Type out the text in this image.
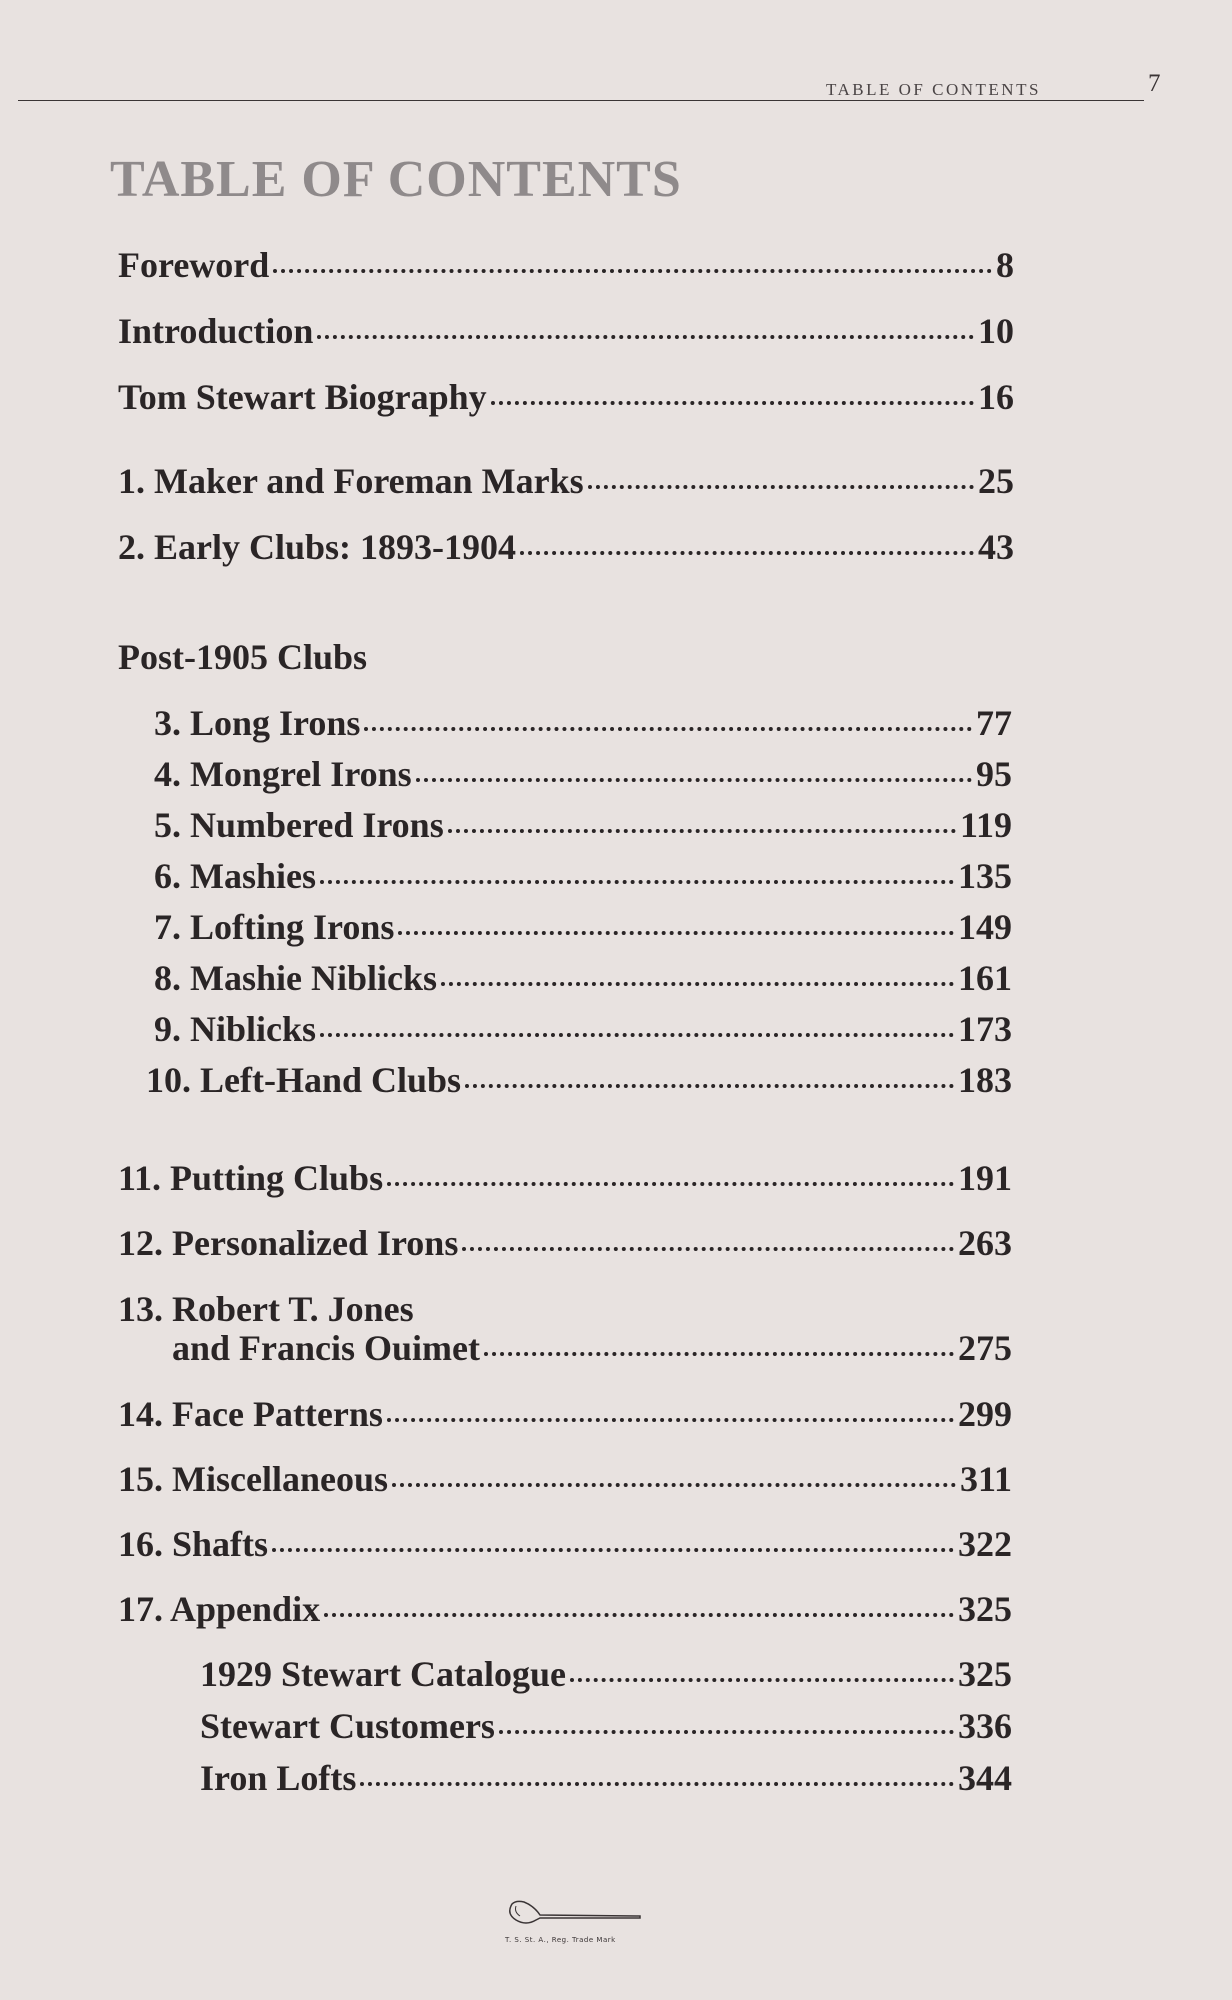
TABLE OF CONTENTS	7
TABLE OF CONTENTS
Foreword	8
Introduction	10
Tom Stewart Biography	16
1. Maker and Foreman Marks	25
2. Early Clubs: 1893-1904	43
Post-1905 Clubs
3. Long Irons	77
4. Mongrel Irons	95
5. Numbered Irons	119
6. Mashies	135
7. Lofting Irons	149
8. Mashie Niblicks	161
9. Niblicks	173
10. Left-Hand Clubs	183
11. Putting Clubs	191
12. Personalized Irons	263
13. Robert T. Jones
and Francis Ouimet	275
14. Face Patterns	299
15. Miscellaneous	311
16. Shafts	322
17. Appendix	325
1929 Stewart Catalogue	325
Stewart Customers	336
Iron Lofts	344
T. S. St. A., Reg. Trade Mark
